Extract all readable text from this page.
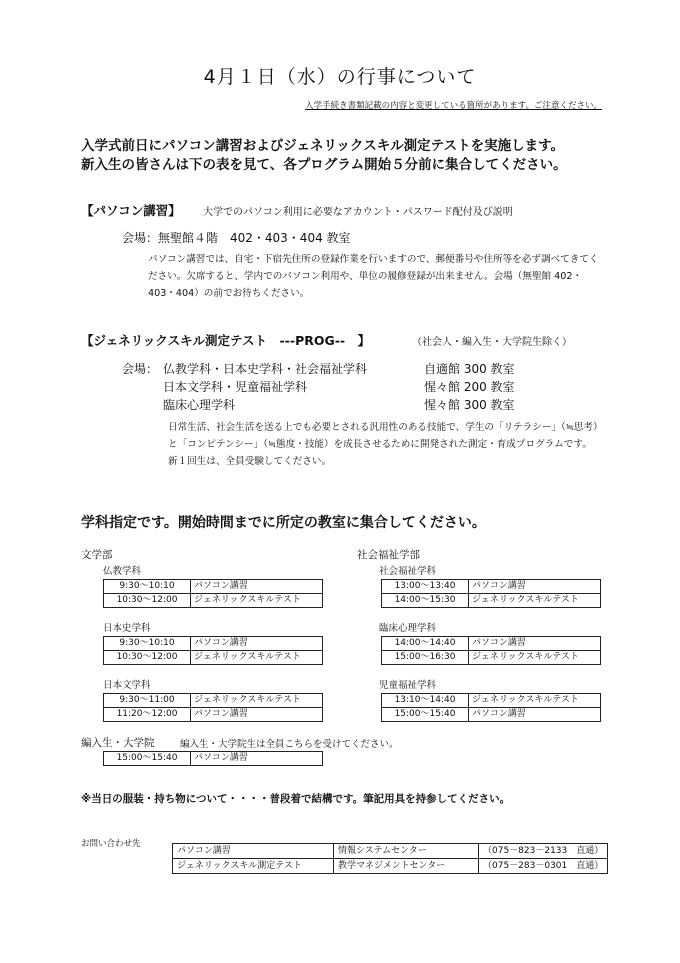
4月１日（水）の行事について
入学手続き書類記載の内容と変更している箇所があります。ご注意ください。
入学式前日にパソコン講習およびジェネリックスキル測定テストを実施します。
新入生の皆さんは下の表を見て、各プログラム開始５分前に集合してください。
【パソコン講習】 大学でのパソコン利用に必要なアカウント・パスワード配付及び説明
会場：無聖館４階　402・403・404 教室
パソコン講習では、自宅・下宿先住所の登録作業を行いますので、郵便番号や住所等を必ず調べてきてください。欠席すると、学内でのパソコン利用や、単位の履修登録が出来ません。会場（無聖館 402・403・404）の前でお待ちください。
【ジェネリックスキル測定テスト　---PROG--　】	（社会人・編入生・大学院生除く）
会場： 仏教学科・日本史学科・社会福祉学科	自適館 300 教室
日本文学科・児童福祉学科	惺々館 200 教室
臨床心理学科	惺々館 300 教室
日常生活、社会生活を送る上でも必要とされる汎用性のある技能で、学生の「リテラシー」（≒思考）と「コンピテンシー」（≒態度・技能）を成長させるために開発された測定・育成プログラムです。新１回生は、全員受験してください。
学科指定です。開始時間までに所定の教室に集合してください。
文学部	社会福祉学部
仏教学科
9:30～10:10	パソコン講習
10:30～12:00	ジェネリックスキルテスト
日本史学科
9:30～10:10	パソコン講習
10:30～12:00	ジェネリックスキルテスト
日本文学科
9:30～11:00	ジェネリックスキルテスト
11:20～12:00	パソコン講習
社会福祉学科
13:00～13:40	パソコン講習
14:00～15:30	ジェネリックスキルテスト
臨床心理学科
14:00～14:40	パソコン講習
15:00～16:30	ジェネリックスキルテスト
児童福祉学科
13:10～14:40	ジェネリックスキルテスト
15:00～15:40	パソコン講習
編入生・大学院	編入生・大学院生は全員こちらを受けてください。
15:00～15:40	パソコン講習
※当日の服装・持ち物について・・・・普段着で結構です。筆記用具を持参してください。
お問い合わせ先
パソコン講習	情報システムセンター	（075－823－2133　直通）
ジェネリックスキル測定テスト	教学マネジメントセンター	（075－283－0301　直通）
